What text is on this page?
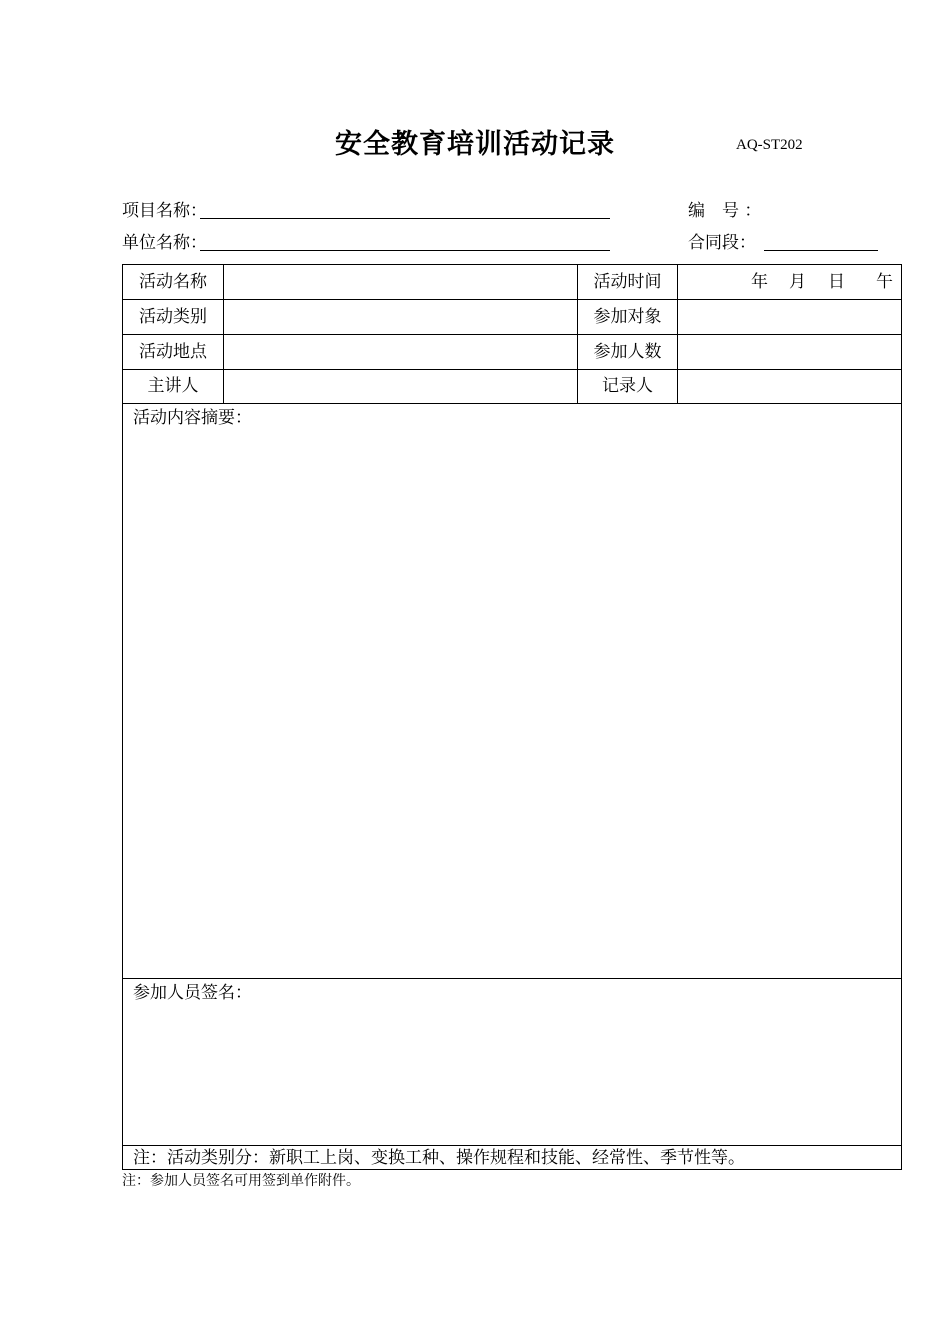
安全教育培训活动记录	AQ-ST202
项目名称：	编　号 ：
单位名称：	合同段：
活动名称	活动时间	年 月 日 午
活动类别	参加对象
活动地点	参加人数
主讲人	记录人
活动内容摘要：
参加人员签名：
注：活动类别分：新职工上岗、变换工种、操作规程和技能、经常性、季节性等。
注：参加人员签名可用签到单作附件。
